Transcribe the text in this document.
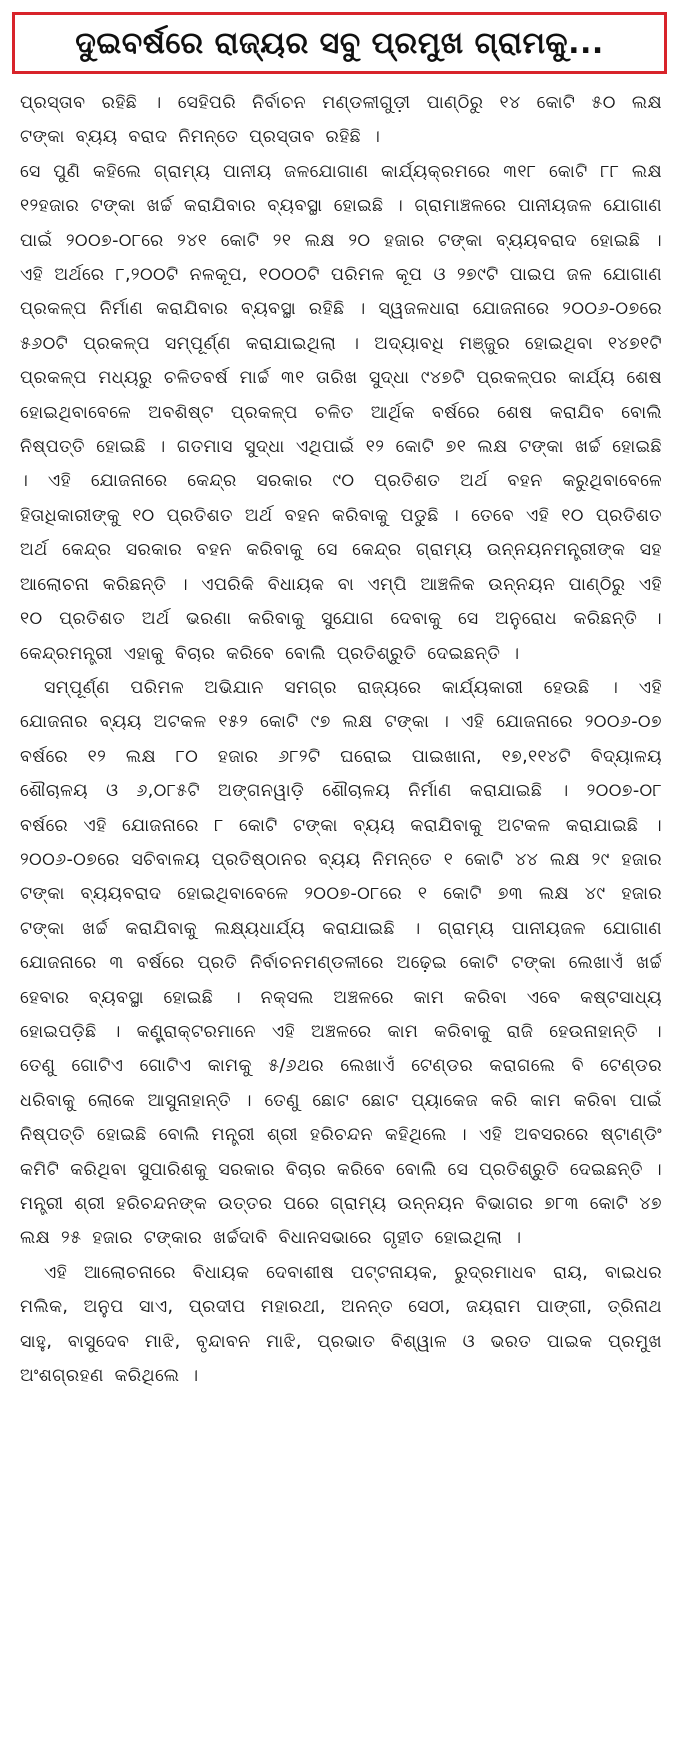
ଦୁଇବର୍ଷରେ ରାଜ୍ୟର ସବୁ ପ୍ରମୁଖ ଗ୍ରାମକୁ...

ପ୍ରସ୍ତାବ ରହିଛି । ସେହିପରି ନିର୍ବାଚନ ମଣ୍ଡଳୀଗୁଡ଼ୀ ପାଣ୍ଠିରୁ ୧୪ କୋଟି ୫୦ ଲକ୍ଷ ଟଙ୍କା ବ୍ୟୟ ବରାଦ ନିମନ୍ତେ ପ୍ରସ୍ତାବ ରହିଛି ।

ସେ ପୁଣି କହିଲେ ଗ୍ରାମ୍ୟ ପାନୀୟ ଜଳଯୋଗାଣ କାର୍ଯ୍ୟକ୍ରମରେ ୩୧୮ କୋଟି ୮୮ ଲକ୍ଷ ୧୨ହଜାର ଟଙ୍କା ଖର୍ଚ୍ଚ କରାଯିବାର ବ୍ୟବସ୍ଥା ହୋଇଛି । ଗ୍ରାମାଞ୍ଚଳରେ ପାନୀୟଜଳ ଯୋଗାଣ ପାଇଁ ୨୦୦୭-୦୮ରେ ୨୪୧ କୋଟି ୨୧ ଲକ୍ଷ ୨୦ ହଜାର ଟଙ୍କା ବ୍ୟୟବରାଦ ହୋଇଛି । ଏହି ଅର୍ଥରେ ୮,୨୦୦ଟି ନଳକୂପ, ୧୦୦୦ଟି ପରିମଳ କୂପ ଓ ୨୭୯ଟି ପାଇପ ଜଳ ଯୋଗାଣ ପ୍ରକଳ୍ପ ନିର୍ମାଣ କରାଯିବାର ବ୍ୟବସ୍ଥା ରହିଛି । ସ୍ୱଜଳଧାରା ଯୋଜନାରେ ୨୦୦୬-୦୭ରେ ୫୬୦ଟି ପ୍ରକଳ୍ପ ସମ୍ପୂର୍ଣ୍ଣ କରାଯାଇଥିଲା । ଅଦ୍ୟାବଧି ମଞ୍ଜୁର ହୋଇଥିବା ୧୪୭୧ଟି ପ୍ରକଳ୍ପ ମଧ୍ୟରୁ ଚଳିତବର୍ଷ ମାର୍ଚ୍ଚ ୩୧ ତାରିଖ ସୁଦ୍ଧା ୯୪୭ଟି ପ୍ରକଳ୍ପର କାର୍ଯ୍ୟ ଶେଷ ହୋଇଥିବାବେଳେ ଅବଶିଷ୍ଟ ପ୍ରକଳ୍ପ ଚଳିତ ଆର୍ଥିକ ବର୍ଷରେ ଶେଷ କରାଯିବ ବୋଲି ନିଷ୍ପତ୍ତି ହୋଇଛି । ଗତମାସ ସୁଦ୍ଧା ଏଥିପାଇଁ ୧୨ କୋଟି ୭୧ ଲକ୍ଷ ଟଙ୍କା ଖର୍ଚ୍ଚ ହୋଇଛି । ଏହି ଯୋଜନାରେ କେନ୍ଦ୍ର ସରକାର ୯୦ ପ୍ରତିଶତ ଅର୍ଥ ବହନ କରୁଥିବାବେଳେ ହିତାଧିକାରୀଙ୍କୁ ୧୦ ପ୍ରତିଶତ ଅର୍ଥ ବହନ କରିବାକୁ ପଡୁଛି । ତେବେ ଏହି ୧୦ ପ୍ରତିଶତ ଅର୍ଥ କେନ୍ଦ୍ର ସରକାର ବହନ କରିବାକୁ ସେ କେନ୍ଦ୍ର ଗ୍ରାମ୍ୟ ଉନ୍ନୟନମନ୍ତ୍ରୀଙ୍କ ସହ ଆଲୋଚନା କରିଛନ୍ତି । ଏପରିକି ବିଧାୟକ ବା ଏମ୍‌ପି ଆଞ୍ଚଳିକ ଉନ୍ନୟନ ପାଣ୍ଠିରୁ ଏହି ୧୦ ପ୍ରତିଶତ ଅର୍ଥ ଭରଣା କରିବାକୁ ସୁଯୋଗ ଦେବାକୁ ସେ ଅନୁରୋଧ କରିଛନ୍ତି । କେନ୍ଦ୍ରମନ୍ତ୍ରୀ ଏହାକୁ ବିଚାର କରିବେ ବୋଲି ପ୍ରତିଶ୍ରୁତି ଦେଇଛନ୍ତି ।

ସମ୍ପୂର୍ଣ୍ଣ ପରିମଳ ଅଭିଯାନ ସମଗ୍ର ରାଜ୍ୟରେ କାର୍ଯ୍ୟକାରୀ ହେଉଛି । ଏହି ଯୋଜନାର ବ୍ୟୟ ଅଟକଳ ୧୫୨ କୋଟି ୯୭ ଲକ୍ଷ ଟଙ୍କା । ଏହି ଯୋଜନାରେ ୨୦୦୬-୦୭ ବର୍ଷରେ ୧୨ ଲକ୍ଷ ୮୦ ହଜାର ୬୮୨ଟି ଘରୋଇ ପାଇଖାନା, ୧୭,୧୧୪ଟି ବିଦ୍ୟାଳୟ ଶୌଚାଳୟ ଓ ୬,୦୮୫ଟି ଅଙ୍ଗନୱାଡ଼ି ଶୌଚାଳୟ ନିର୍ମାଣ କରାଯାଇଛି । ୨୦୦୭-୦୮ ବର୍ଷରେ ଏହି ଯୋଜନାରେ ୮ କୋଟି ଟଙ୍କା ବ୍ୟୟ କରାଯିବାକୁ ଅଟକଳ କରାଯାଇଛି । ୨୦୦୬-୦୭ରେ ସଚିବାଳୟ ପ୍ରତିଷ୍ଠାନର ବ୍ୟୟ ନିମନ୍ତେ ୧ କୋଟି ୪୪ ଲକ୍ଷ ୨୯ ହଜାର ଟଙ୍କା ବ୍ୟୟବରାଦ ହୋଇଥିବାବେଳେ ୨୦୦୭-୦୮ରେ ୧ କୋଟି ୭୩ ଲକ୍ଷ ୪୯ ହଜାର ଟଙ୍କା ଖର୍ଚ୍ଚ କରାଯିବାକୁ ଲକ୍ଷ୍ୟଧାର୍ଯ୍ୟ କରାଯାଇଛି । ଗ୍ରାମ୍ୟ ପାନୀୟଜଳ ଯୋଗାଣ ଯୋଜନାରେ ୩ ବର୍ଷରେ ପ୍ରତି ନିର୍ବାଚନମଣ୍ଡଳୀରେ ଅଢ଼େଇ କୋଟି ଟଙ୍କା ଲେଖାଏଁ ଖର୍ଚ୍ଚ ହେବାର ବ୍ୟବସ୍ଥା ହୋଇଛି । ନକ୍ସଲ ଅଞ୍ଚଳରେ କାମ କରିବା ଏବେ କଷ୍ଟସାଧ୍ୟ ହୋଇପଡ଼ିଛି । କଣ୍ଟ୍ରାକ୍ଟରମାନେ ଏହି ଅଞ୍ଚଳରେ କାମ କରିବାକୁ ରାଜି ହେଉନାହାନ୍ତି । ତେଣୁ ଗୋଟିଏ ଗୋଟିଏ କାମକୁ ୫/୬ଥର ଲେଖାଏଁ ଟେଣ୍ଡର କରାଗଲେ ବି ଟେଣ୍ଡର ଧରିବାକୁ ଲୋକେ ଆସୁନାହାନ୍ତି । ତେଣୁ ଛୋଟ ଛୋଟ ପ୍ୟାକେଜ କରି କାମ କରିବା ପାଇଁ ନିଷ୍ପତ୍ତି ହୋଇଛି ବୋଲି ମନ୍ତ୍ରୀ ଶ୍ରୀ ହରିଚନ୍ଦନ କହିଥିଲେ । ଏହି ଅବସରରେ ଷ୍ଟାଣ୍ଡିଂ କମିଟି କରିଥିବା ସୁପାରିଶକୁ ସରକାର ବିଚାର କରିବେ ବୋଲି ସେ ପ୍ରତିଶ୍ରୁତି ଦେଇଛନ୍ତି । ମନ୍ତ୍ରୀ ଶ୍ରୀ ହରିଚନ୍ଦନଙ୍କ ଉତ୍ତର ପରେ ଗ୍ରାମ୍ୟ ଉନ୍ନୟନ ବିଭାଗର ୭୮୩ କୋଟି ୪୭ ଲକ୍ଷ ୨୫ ହଜାର ଟଙ୍କାର ଖର୍ଚ୍ଚଦାବି ବିଧାନସଭାରେ ଗୃହୀତ ହୋଇଥିଲା ।

ଏହି ଆଲୋଚନାରେ ବିଧାୟକ ଦେବାଶୀଷ ପଟ୍ଟନାୟକ, ରୁଦ୍ରମାଧବ ରାୟ, ବାଇଧର ମଲିକ, ଅନୁପ ସାଏ, ପ୍ରଦୀପ ମହାରଥୀ, ଅନନ୍ତ ସେଠୀ, ଜୟରାମ ପାଙ୍ଗୀ, ତ୍ରିନାଥ ସାହୁ, ବାସୁଦେବ ମାଝି, ବୃନ୍ଦାବନ ମାଝି, ପ୍ରଭାତ ବିଶ୍ୱାଳ ଓ ଭରତ ପାଇକ ପ୍ରମୁଖ ଅଂଶଗ୍ରହଣ କରିଥିଲେ ।
